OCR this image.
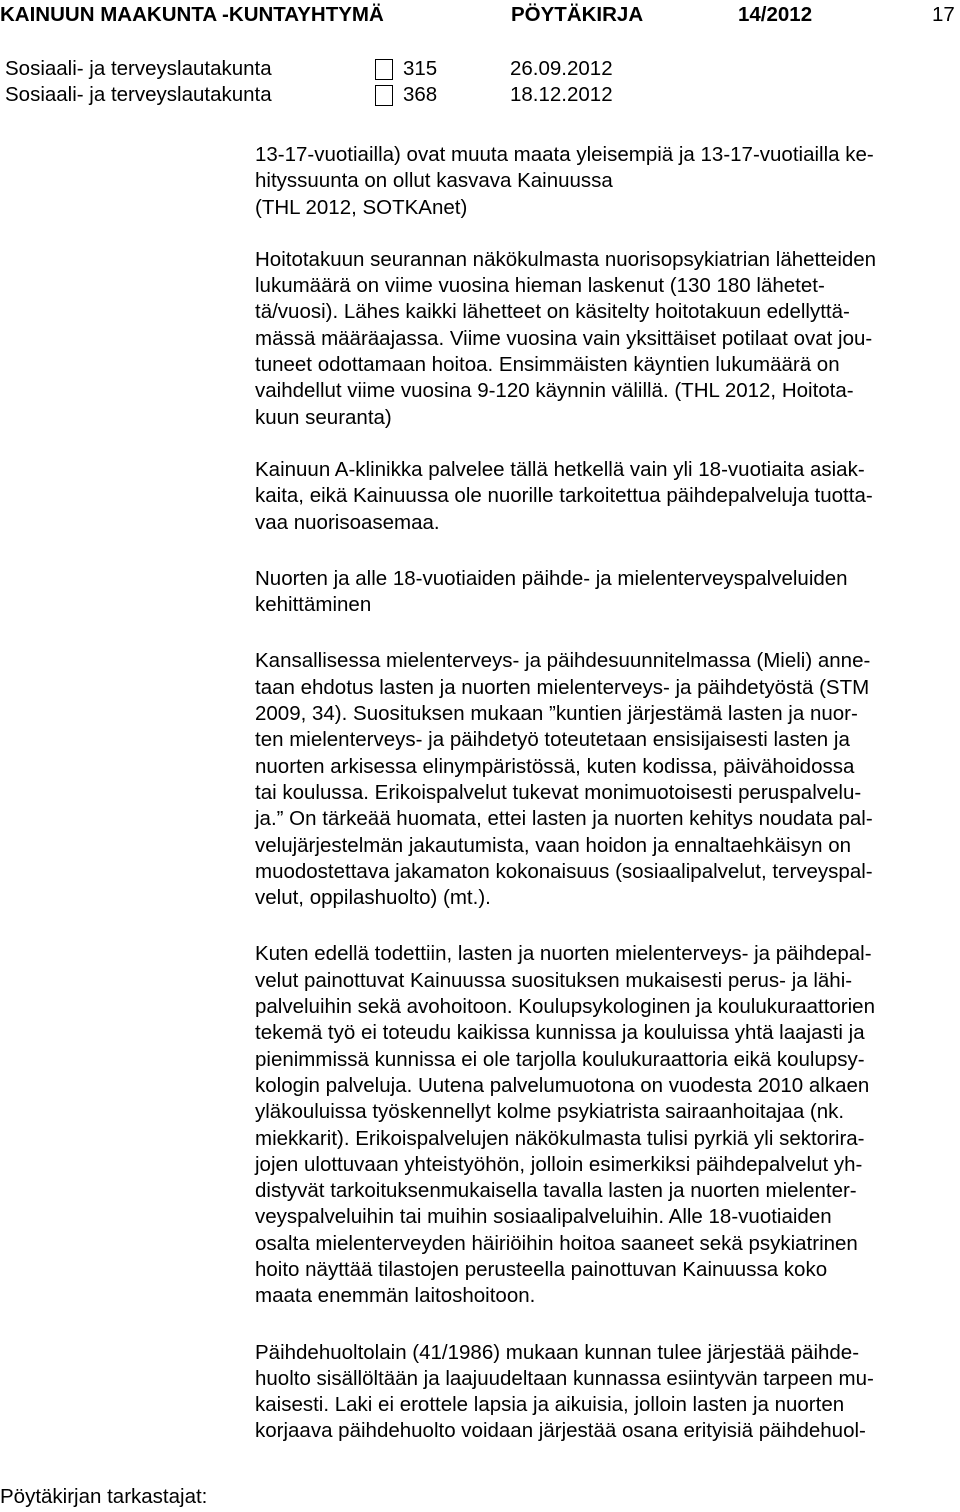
KAINUUN MAAKUNTA -KUNTAYHTYMÄ	PÖYTÄKIRJA	14/2012	17
Sosiaali- ja terveyslautakunta	315	26.09.2012
Sosiaali- ja terveyslautakunta	368	18.12.2012
13-17-vuotiailla) ovat muuta maata yleisempiä ja 13-17-vuotiailla ke-
hityssuunta on ollut kasvava Kainuussa
(THL 2012, SOTKAnet)
Hoitotakuun seurannan näkökulmasta nuorisopsykiatrian lähetteiden
lukumäärä on viime vuosina hieman laskenut (130 180 lähetet-
tä/vuosi). Lähes kaikki lähetteet on käsitelty hoitotakuun edellyttä-
mässä määräajassa. Viime vuosina vain yksittäiset potilaat ovat jou-
tuneet odottamaan hoitoa. Ensimmäisten käyntien lukumäärä on
vaihdellut viime vuosina 9-120 käynnin välillä. (THL 2012, Hoitota-
kuun seuranta)
Kainuun A-klinikka palvelee tällä hetkellä vain yli 18-vuotiaita asiak-
kaita, eikä Kainuussa ole nuorille tarkoitettua päihdepalveluja tuotta-
vaa nuorisoasemaa.
Nuorten ja alle 18-vuotiaiden päihde- ja mielenterveyspalveluiden
kehittäminen
Kansallisessa mielenterveys- ja päihdesuunnitelmassa (Mieli) anne-
taan ehdotus lasten ja nuorten mielenterveys- ja päihdetyöstä (STM
2009, 34). Suosituksen mukaan ”kuntien järjestämä lasten ja nuor-
ten mielenterveys- ja päihdetyö toteutetaan ensisijaisesti lasten ja
nuorten arkisessa elinympäristössä, kuten kodissa, päivähoidossa
tai koulussa. Erikoispalvelut tukevat monimuotoisesti peruspalvelu-
ja.” On tärkeää huomata, ettei lasten ja nuorten kehitys noudata pal-
velujärjestelmän jakautumista, vaan hoidon ja ennaltaehkäisyn on
muodostettava jakamaton kokonaisuus (sosiaalipalvelut, terveyspal-
velut, oppilashuolto) (mt.).
Kuten edellä todettiin, lasten ja nuorten mielenterveys- ja päihdepal-
velut painottuvat Kainuussa suosituksen mukaisesti perus- ja lähi-
palveluihin sekä avohoitoon. Koulupsykologinen ja koulukuraattorien
tekemä työ ei toteudu kaikissa kunnissa ja kouluissa yhtä laajasti ja
pienimmissä kunnissa ei ole tarjolla koulukuraattoria eikä koulupsy-
kologin palveluja. Uutena palvelumuotona on vuodesta 2010 alkaen
yläkouluissa työskennellyt kolme psykiatrista sairaanhoitajaa (nk.
miekkarit). Erikoispalvelujen näkökulmasta tulisi pyrkiä yli sektorira-
jojen ulottuvaan yhteistyöhön, jolloin esimerkiksi päihdepalvelut yh-
distyvät tarkoituksenmukaisella tavalla lasten ja nuorten mielenter-
veyspalveluihin tai muihin sosiaalipalveluihin. Alle 18-vuotiaiden
osalta mielenterveyden häiriöihin hoitoa saaneet sekä psykiatrinen
hoito näyttää tilastojen perusteella painottuvan Kainuussa koko
maata enemmän laitoshoitoon.
Päihdehuoltolain (41/1986) mukaan kunnan tulee järjestää päihde-
huolto sisällöltään ja laajuudeltaan kunnassa esiintyvän tarpeen mu-
kaisesti. Laki ei erottele lapsia ja aikuisia, jolloin lasten ja nuorten
korjaava päihdehuolto voidaan järjestää osana erityisiä päihdehuol-
Pöytäkirjan tarkastajat:
